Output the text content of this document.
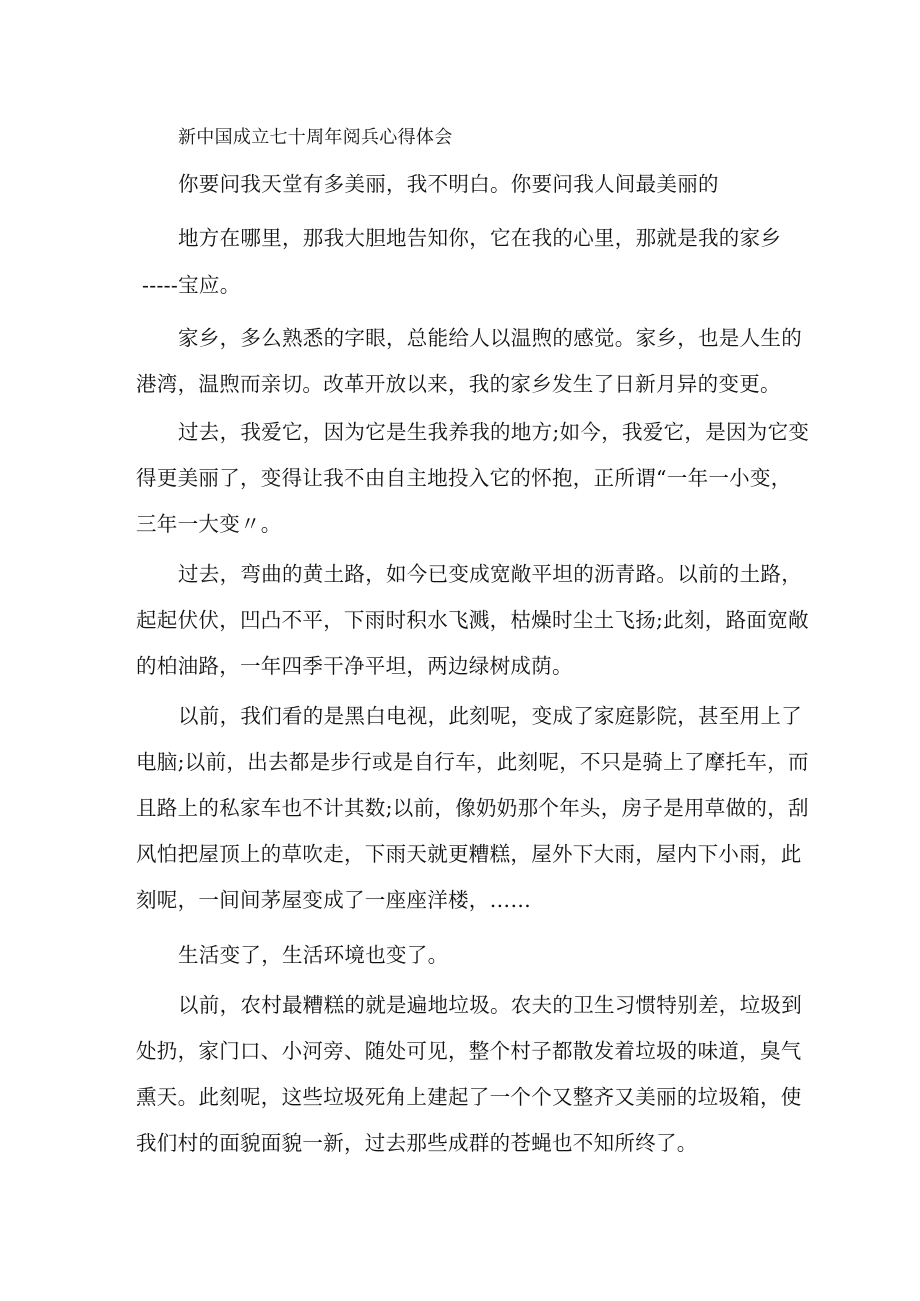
新中国成立七十周年阅兵心得体会
你要问我天堂有多美丽，我不明白。你要问我人间最美丽的
地方在哪里，那我大胆地告知你，它在我的心里，那就是我的家乡
-----宝应。
家乡，多么熟悉的字眼，总能给人以温煦的感觉。家乡，也是人生的
港湾，温煦而亲切。改革开放以来，我的家乡发生了日新月异的变更。
过去，我爱它，因为它是生我养我的地方;如今，我爱它，是因为它变
得更美丽了，变得让我不由自主地投入它的怀抱，正所谓“一年一小变，
三年一大变〃。
过去，弯曲的黄土路，如今已变成宽敞平坦的沥青路。以前的土路，
起起伏伏，凹凸不平，下雨时积水飞溅，枯燥时尘土飞扬;此刻，路面宽敞
的柏油路，一年四季干净平坦，两边绿树成荫。
以前，我们看的是黑白电视，此刻呢，变成了家庭影院，甚至用上了
电脑;以前，出去都是步行或是自行车，此刻呢，不只是骑上了摩托车，而
且路上的私家车也不计其数;以前，像奶奶那个年头，房子是用草做的，刮
风怕把屋顶上的草吹走，下雨天就更糟糕，屋外下大雨，屋内下小雨，此
刻呢，一间间茅屋变成了一座座洋楼，……
生活变了，生活环境也变了。
以前，农村最糟糕的就是遍地垃圾。农夫的卫生习惯特别差，垃圾到
处扔，家门口、小河旁、随处可见，整个村子都散发着垃圾的味道，臭气
熏天。此刻呢，这些垃圾死角上建起了一个个又整齐又美丽的垃圾箱，使
我们村的面貌面貌一新，过去那些成群的苍蝇也不知所终了。
